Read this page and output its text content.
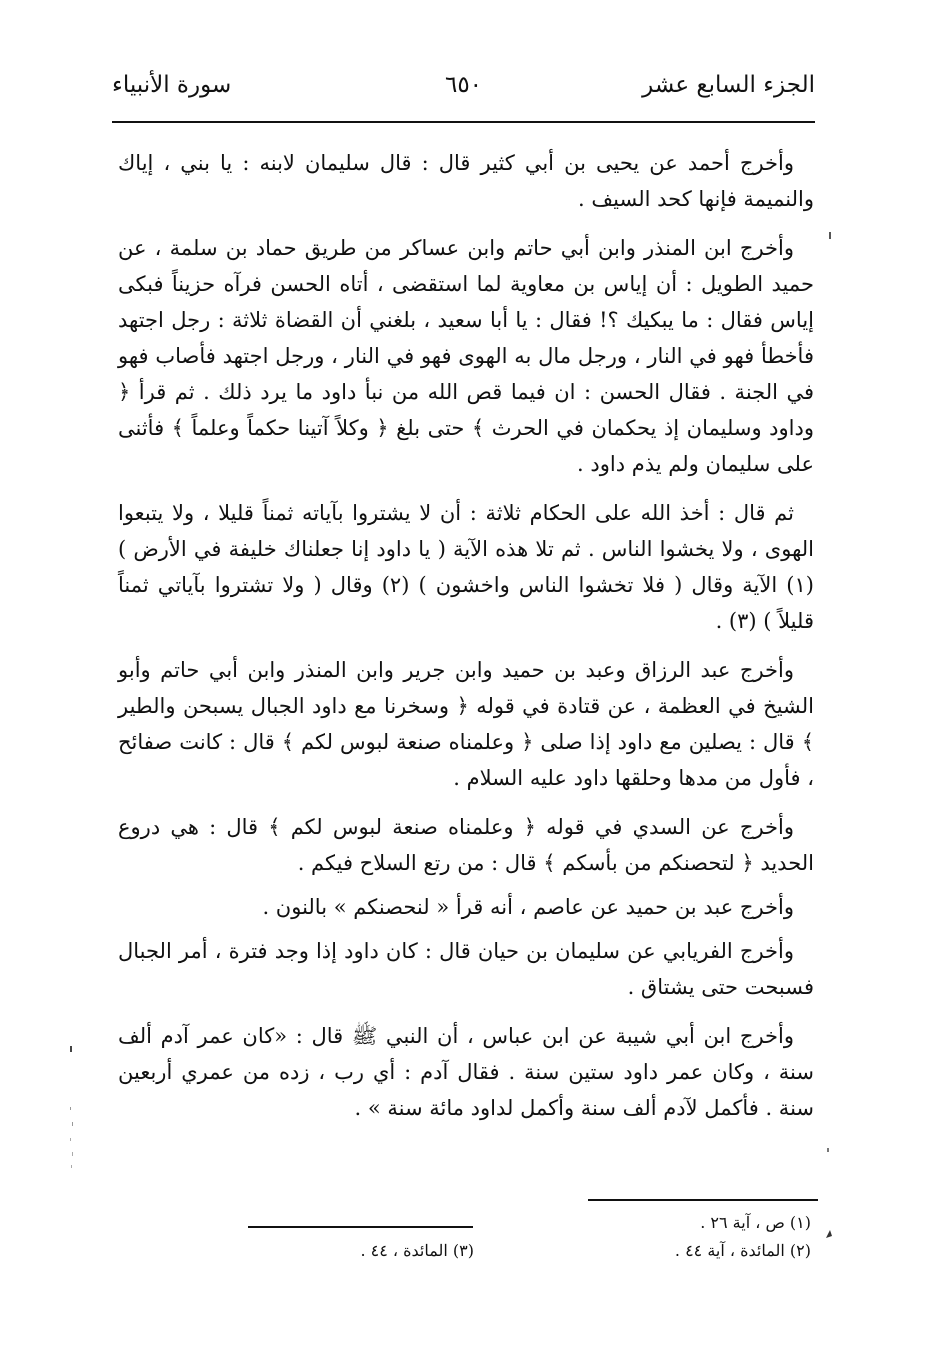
الجزء السابع عشر
٦٥٠
سورة الأنبياء

وأخرج أحمد عن يحيى بن أبي كثير قال : قال سليمان لابنه : يا بني ، إياك والنميمة فإنها كحد السيف .

وأخرج ابن المنذر وابن أبي حاتم وابن عساكر من طريق حماد بن سلمة ، عن حميد الطويل : أن إياس بن معاوية لما استقضى ، أتاه الحسن فرآه حزيناً فبكى إياس فقال : ما يبكيك ؟! فقال : يا أبا سعيد ، بلغني أن القضاة ثلاثة : رجل اجتهد فأخطأ فهو في النار ، ورجل مال به الهوى فهو في النار ، ورجل اجتهد فأصاب فهو في الجنة . فقال الحسن : ان فيما قص الله من نبأ داود ما يرد ذلك . ثم قرأ ﴿ وداود وسليمان إذ يحكمان في الحرث ﴾ حتى بلغ ﴿ وكلاً آتينا حكماً وعلماً ﴾ فأثنى على سليمان ولم يذم داود .

ثم قال : أخذ الله على الحكام ثلاثة : أن لا يشتروا بآياته ثمناً قليلا ، ولا يتبعوا الهوى ، ولا يخشوا الناس . ثم تلا هذه الآية ( يا داود إنا جعلناك خليفة في الأرض ) (١) الآية وقال ( فلا تخشوا الناس واخشون ) (٢) وقال ( ولا تشتروا بآياتي ثمناً قليلاً ) (٣) .

وأخرج عبد الرزاق وعبد بن حميد وابن جرير وابن المنذر وابن أبي حاتم وأبو الشيخ في العظمة ، عن قتادة في قوله ﴿ وسخرنا مع داود الجبال يسبحن والطير ﴾ قال : يصلين مع داود إذا صلى ﴿ وعلمناه صنعة لبوس لكم ﴾ قال : كانت صفائح ، فأول من مدها وحلقها داود عليه السلام .

وأخرج عن السدي في قوله ﴿ وعلمناه صنعة لبوس لكم ﴾ قال : هي دروع الحديد ﴿ لتحصنكم من بأسكم ﴾ قال : من رتع السلاح فيكم .

وأخرج عبد بن حميد عن عاصم ، أنه قرأ « لنحصنكم » بالنون .

وأخرج الفريابي عن سليمان بن حيان قال : كان داود إذا وجد فترة ، أمر الجبال فسبحت حتى يشتاق .

وأخرج ابن أبي شيبة عن ابن عباس ، أن النبي ﷺ قال : «كان عمر آدم ألف سنة ، وكان عمر داود ستين سنة . فقال آدم : أي رب ، زده من عمري أربعين سنة . فأكمل لآدم ألف سنة وأكمل لداود مائة سنة » .

(١) ص ، آية ٢٦ .
(٢) المائدة ، آية ٤٤ .
(٣) المائدة ، ٤٤ .
